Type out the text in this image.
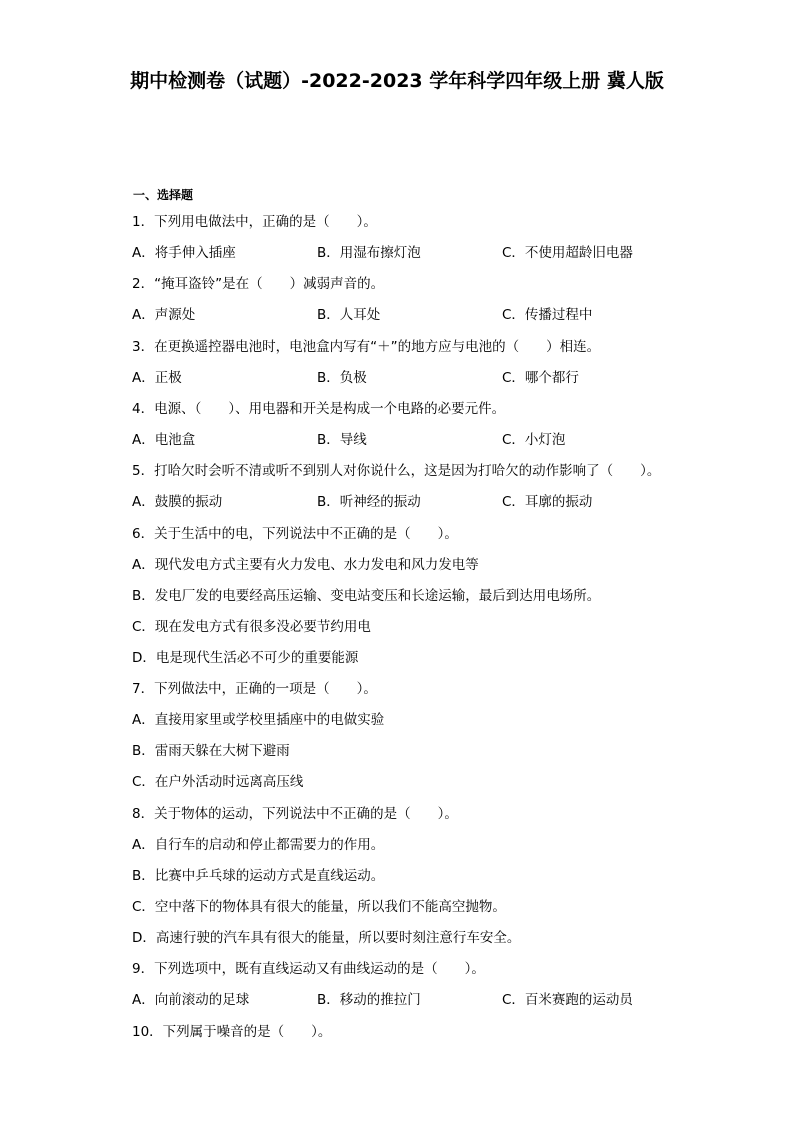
期中检测卷（试题）-2022-2023 学年科学四年级上册 冀人版
一、选择题
1．下列用电做法中，正确的是（　　）。
A．将手伸入插座	B．用湿布擦灯泡	C．不使用超龄旧电器
2．“掩耳盗铃”是在（　　）减弱声音的。
A．声源处	B．人耳处	C．传播过程中
3．在更换遥控器电池时，电池盒内写有“＋”的地方应与电池的（　　）相连。
A．正极	B．负极	C．哪个都行
4．电源、（　　）、用电器和开关是构成一个电路的必要元件。
A．电池盒	B．导线	C．小灯泡
5．打哈欠时会听不清或听不到别人对你说什么，这是因为打哈欠的动作影响了（　　）。
A．鼓膜的振动	B．听神经的振动	C．耳廓的振动
6．关于生活中的电，下列说法中不正确的是（　　）。
A．现代发电方式主要有火力发电、水力发电和风力发电等
B．发电厂发的电要经高压运输、变电站变压和长途运输，最后到达用电场所。
C．现在发电方式有很多没必要节约用电
D．电是现代生活必不可少的重要能源
7．下列做法中，正确的一项是（　　）。
A．直接用家里或学校里插座中的电做实验
B．雷雨天躲在大树下避雨
C．在户外活动时远离高压线
8．关于物体的运动，下列说法中不正确的是（　　）。
A．自行车的启动和停止都需要力的作用。
B．比赛中乒乓球的运动方式是直线运动。
C．空中落下的物体具有很大的能量，所以我们不能高空抛物。
D．高速行驶的汽车具有很大的能量，所以要时刻注意行车安全。
9．下列选项中，既有直线运动又有曲线运动的是（　　）。
A．向前滚动的足球	B．移动的推拉门	C．百米赛跑的运动员
10．下列属于噪音的是（　　）。
